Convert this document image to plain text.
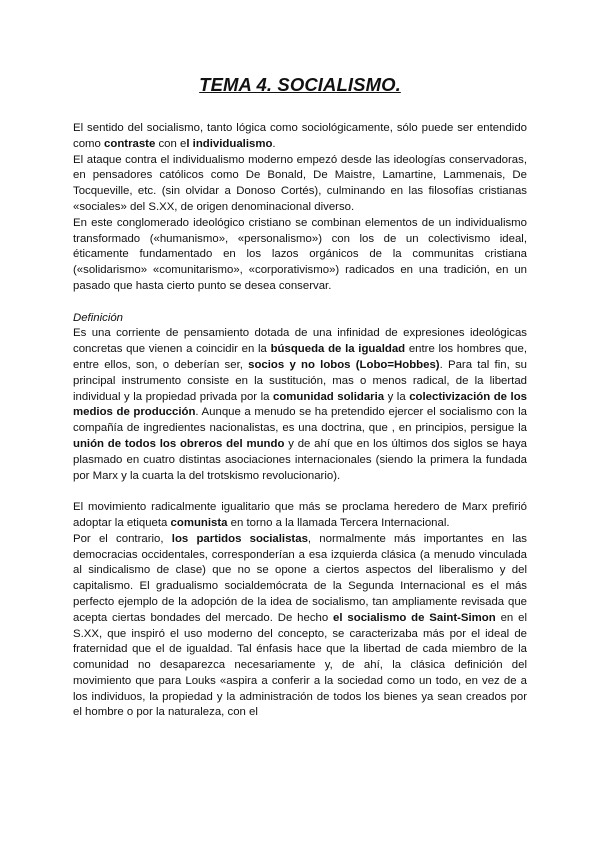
TEMA 4. SOCIALISMO.

El sentido del socialismo, tanto lógica como sociológicamente, sólo puede ser entendido como contraste con el individualismo.

El ataque contra el individualismo moderno empezó desde las ideologías conservadoras, en pensadores católicos como De Bonald, De Maistre, Lamartine, Lammenais, De Tocqueville, etc. (sin olvidar a Donoso Cortés), culminando en las filosofías cristianas «sociales» del S.XX, de origen denominacional diverso.

En este conglomerado ideológico cristiano se combinan elementos de un individualismo transformado («humanismo», «personalismo») con los de un colectivismo ideal, éticamente fundamentado en los lazos orgánicos de la communitas cristiana («solidarismo» «comunitarismo», «corporativismo») radicados en una tradición, en un pasado que hasta cierto punto se desea conservar.

Definición

Es una corriente de pensamiento dotada de una infinidad de expresiones ideológicas concretas que vienen a coincidir en la búsqueda de la igualdad entre los hombres que, entre ellos, son, o deberían ser, socios y no lobos (Lobo=Hobbes). Para tal fin, su principal instrumento consiste en la sustitución, mas o menos radical, de la libertad individual y la propiedad privada por la comunidad solidaria y la colectivización de los medios de producción. Aunque a menudo se ha pretendido ejercer el socialismo con la compañía de ingredientes nacionalistas, es una doctrina, que , en principios, persigue la unión de todos los obreros del mundo y de ahí que en los últimos dos siglos se haya plasmado en cuatro distintas asociaciones internacionales (siendo la primera la fundada por Marx y la cuarta la del trotskismo revolucionario).

El movimiento radicalmente igualitario que más se proclama heredero de Marx prefirió adoptar la etiqueta comunista en torno a la llamada Tercera Internacional.

Por el contrario, los partidos socialistas, normalmente más importantes en las democracias occidentales, corresponderían a esa izquierda clásica (a menudo vinculada al sindicalismo de clase) que no se opone a ciertos aspectos del liberalismo y del capitalismo. El gradualismo socialdemócrata de la Segunda Internacional es el más perfecto ejemplo de la adopción de la idea de socialismo, tan ampliamente revisada que acepta ciertas bondades del mercado. De hecho el socialismo de Saint-Simon en el S.XX, que inspiró el uso moderno del concepto, se caracterizaba más por el ideal de fraternidad que el de igualdad. Tal énfasis hace que la libertad de cada miembro de la comunidad no desaparezca necesariamente y, de ahí, la clásica definición del movimiento que para Louks «aspira a conferir a la sociedad como un todo, en vez de a los individuos, la propiedad y la administración de todos los bienes ya sean creados por el hombre o por la naturaleza, con el
